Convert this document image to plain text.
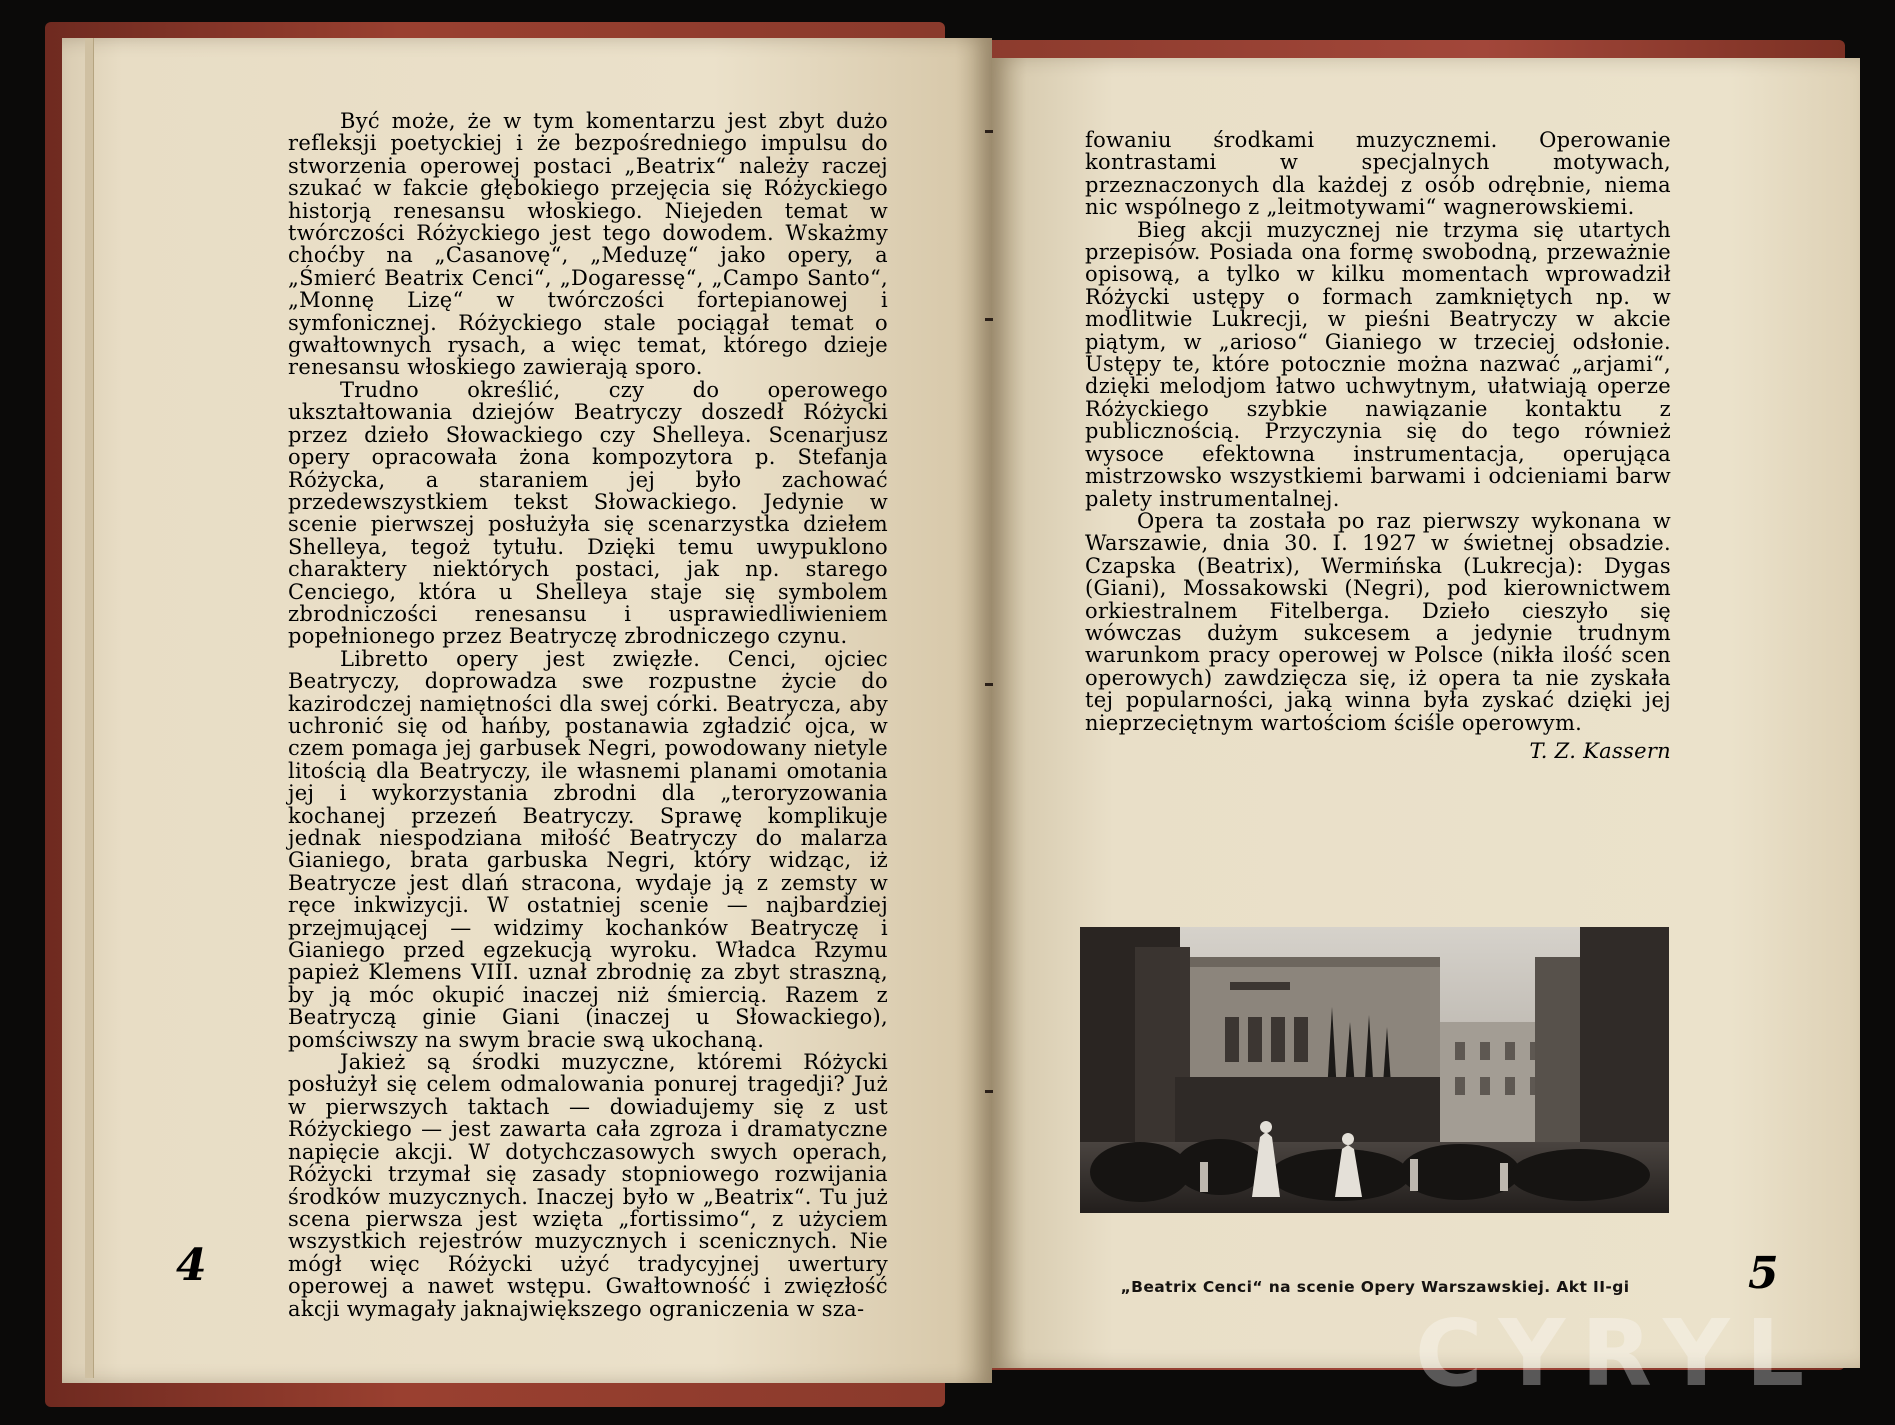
Być może, że w tym komentarzu jest zbyt dużo refleksji poetyckiej i że bezpośredniego impulsu do stworzenia operowej postaci „Beatrix“ należy raczej szukać w fakcie głębokiego przejęcia się Różyckiego historją renesansu włoskiego. Niejeden temat w twórczości Różyckiego jest tego dowodem. Wskażmy choćby na „Casanovę“, „Meduzę“ jako opery, a „Śmierć Beatrix Cenci“, „Dogaressę“, „Campo Santo“, „Monnę Lizę“ w twórczości fortepianowej i symfonicznej. Różyckiego stale pociągał temat o gwałtownych rysach, a więc temat, którego dzieje renesansu włoskiego zawierają sporo.

Trudno określić, czy do operowego ukształtowania dziejów Beatryczy doszedł Różycki przez dzieło Słowackiego czy Shelleya. Scenarjusz opery opracowała żona kompozytora p. Stefanja Różycka, a staraniem jej było zachować przedewszystkiem tekst Słowackiego. Jedynie w scenie pierwszej posłużyła się scenarzystka dziełem Shelleya, tegoż tytułu. Dzięki temu uwypuklono charaktery niektórych postaci, jak np. starego Cenciego, która u Shelleya staje się symbolem zbrodniczości renesansu i usprawiedliwieniem popełnionego przez Beatryczę zbrodniczego czynu.

Libretto opery jest zwięzłe. Cenci, ojciec Beatryczy, doprowadza swe rozpustne życie do kazirodczej namiętności dla swej córki. Beatrycza, aby uchronić się od hańby, postanawia zgładzić ojca, w czem pomaga jej garbusek Negri, powodowany nietyle litością dla Beatryczy, ile własnemi planami omotania jej i wykorzystania zbrodni dla „teroryzowania kochanej przezeń Beatryczy. Sprawę komplikuje jednak niespodziana miłość Beatryczy do malarza Gianiego, brata garbuska Negri, który widząc, iż Beatrycze jest dlań stracona, wydaje ją z zemsty w ręce inkwizycji. W ostatniej scenie — najbardziej przejmującej — widzimy kochanków Beatryczę i Gianiego przed egzekucją wyroku. Władca Rzymu papież Klemens VIII. uznał zbrodnię za zbyt straszną, by ją móc okupić inaczej niż śmiercią. Razem z Beatryczą ginie Giani (inaczej u Słowackiego), pomściwszy na swym bracie swą ukochaną.

Jakież są środki muzyczne, któremi Różycki posłużył się celem odmalowania ponurej tragedji? Już w pierwszych taktach — dowiadujemy się z ust Różyckiego — jest zawarta cała zgroza i dramatyczne napięcie akcji. W dotychczasowych swych operach, Różycki trzymał się zasady stopniowego rozwijania środków muzycznych. Inaczej było w „Beatrix“. Tu już scena pierwsza jest wzięta „fortissimo“, z użyciem wszystkich rejestrów muzycznych i scenicznych. Nie mógł więc Różycki użyć tradycyjnej uwertury operowej a nawet wstępu. Gwałtowność i zwięzłość akcji wymagały jaknajwiększego ograniczenia w sza-

fowaniu środkami muzycznemi. Operowanie kontrastami w specjalnych motywach, przeznaczonych dla każdej z osób odrębnie, niema nic wspólnego z „leitmotywami“ wagnerowskiemi.

Bieg akcji muzycznej nie trzyma się utartych przepisów. Posiada ona formę swobodną, przeważnie opisową, a tylko w kilku momentach wprowadził Różycki ustępy o formach zamkniętych np. w modlitwie Lukrecji, w pieśni Beatryczy w akcie piątym, w „arioso“ Gianiego w trzeciej odsłonie. Ustępy te, które potocznie można nazwać „arjami“, dzięki melodjom łatwo uchwytnym, ułatwiają operze Różyckiego szybkie nawiązanie kontaktu z publicznością. Przyczynia się do tego również wysoce efektowna instrumentacja, operująca mistrzowsko wszystkiemi barwami i odcieniami barw palety instrumentalnej.

Opera ta została po raz pierwszy wykonana w Warszawie, dnia 30. I. 1927 w świetnej obsadzie. Czapska (Beatrix), Wermińska (Lukrecja): Dygas (Giani), Mossakowski (Negri), pod kierownictwem orkiestralnem Fitelberga. Dzieło cieszyło się wówczas dużym sukcesem a jedynie trudnym warunkom pracy operowej w Polsce (nikła ilość scen operowych) zawdzięcza się, iż opera ta nie zyskała tej popularności, jaką winna była zyskać dzięki jej nieprzeciętnym wartościom ściśle operowym.

T. Z. Kassern
„Beatrix Cenci“ na scenie Opery Warszawskiej. Akt II-gi
4	5
CYRYL
